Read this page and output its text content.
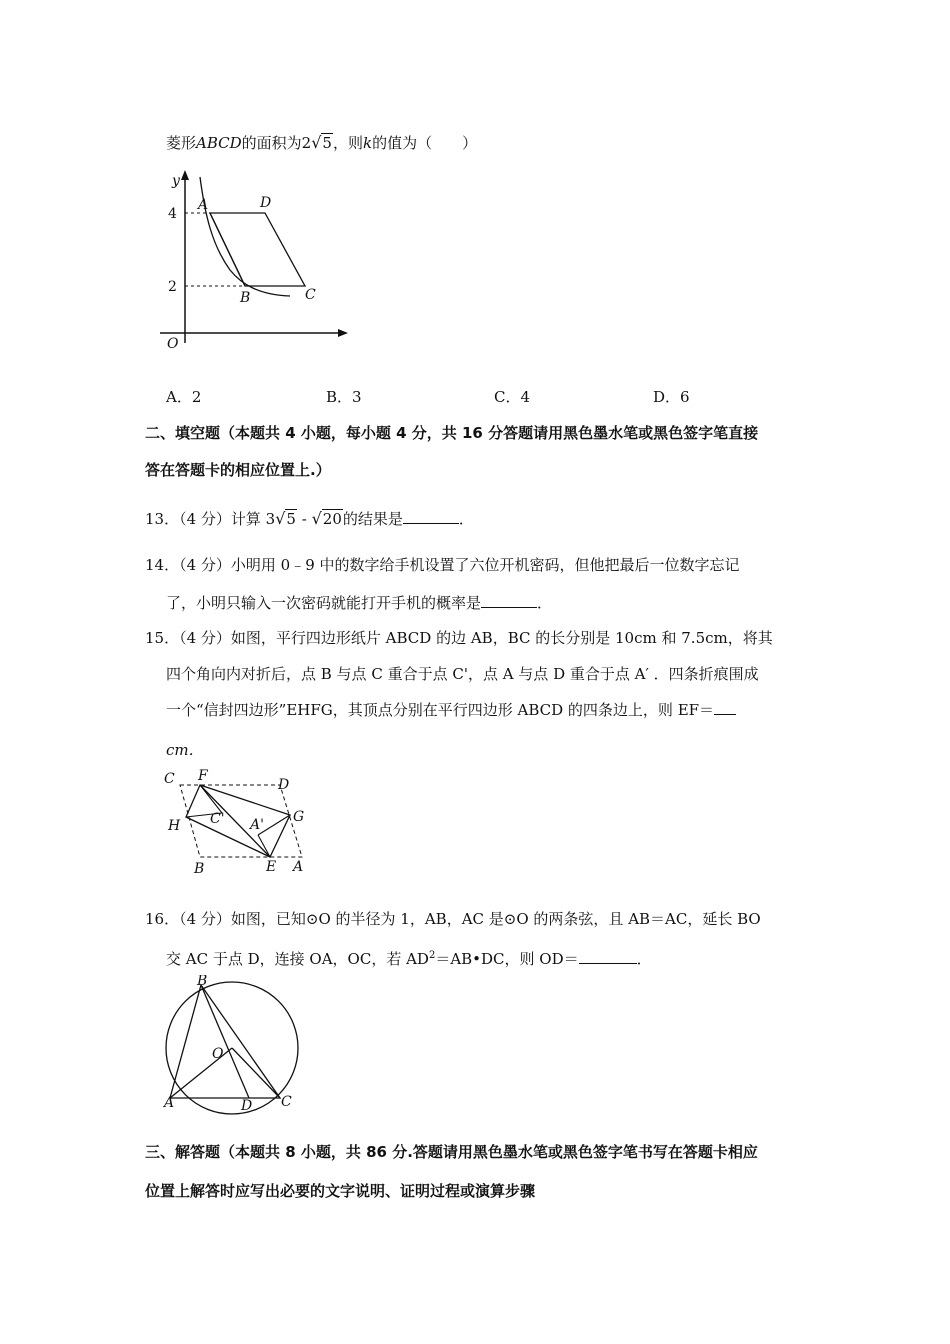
菱形ABCD的面积为2√5，则k的值为（　　）
y
O
4
2
A	D
B	C
A．2	B．3	C．4	D．6
二、填空题（本题共 4 小题，每小题 4 分，共 16 分答题请用黑色墨水笔或黑色签字笔直接
答在答题卡的相应位置上.）
13．（4 分）计算 3√5 - √20的结果是	．
14．（4 分）小明用 0﹣9 中的数字给手机设置了六位开机密码，但他把最后一位数字忘记
了，小明只输入一次密码就能打开手机的概率是	．
15．（4 分）如图，平行四边形纸片 ABCD 的边 AB，BC 的长分别是 10cm 和 7.5cm，将其
四个角向内对折后，点 B 与点 C 重合于点 C'，点 A 与点 D 重合于点 A′ ．四条折痕围成
一个“信封四边形”EHFG，其顶点分别在平行四边形 ABCD 的四条边上，则 EF＝
cm．
C F
D
G
H C' A'
B	E A
16．（4 分）如图，已知⊙O 的半径为 1，AB，AC 是⊙O 的两条弦，且 AB＝AC，延长 BO
交 AC 于点 D，连接 OA，OC，若 $AD^2=AB•DC$，则 OD＝	．
B
O
A	D C
三、解答题（本题共 8 小题，共 86 分.答题请用黑色墨水笔或黑色签字笔书写在答题卡相应
位置上解答时应写出必要的文字说明、证明过程或演算步骤
